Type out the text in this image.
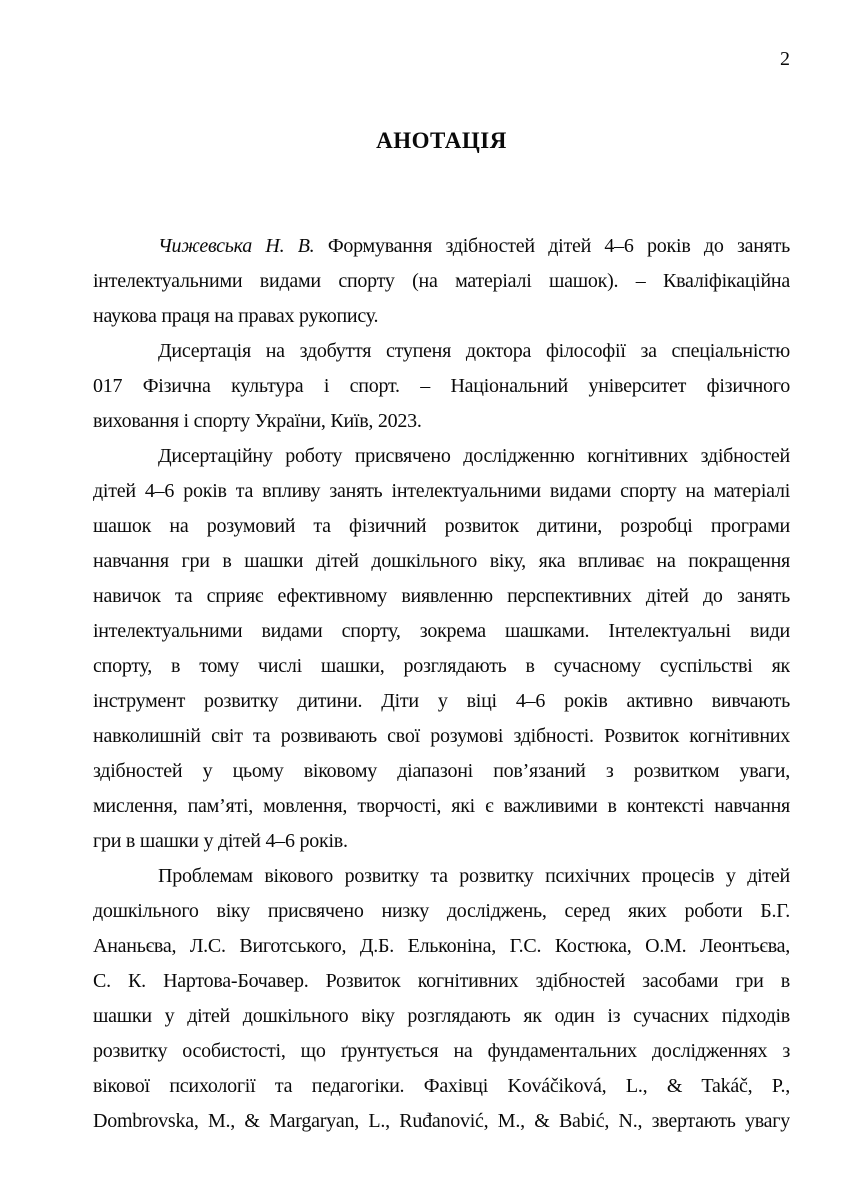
2
АНОТАЦІЯ
Чижевська Н. В. Формування здібностей дітей 4–6 років до занять
інтелектуальними видами спорту (на матеріалі шашок). – Кваліфікаційна
наукова праця на правах рукопису.
Дисертація на здобуття ступеня доктора філософії за спеціальністю
017 Фізична культура і спорт. – Національний університет фізичного
виховання і спорту України, Київ, 2023.
Дисертаційну роботу присвячено дослідженню когнітивних здібностей
дітей 4–6 років та впливу занять інтелектуальними видами спорту на матеріалі
шашок на розумовий та фізичний розвиток дитини, розробці програми
навчання гри в шашки дітей дошкільного віку, яка впливає на покращення
навичок та сприяє ефективному виявленню перспективних дітей до занять
інтелектуальними видами спорту, зокрема шашками. Інтелектуальні види
спорту, в тому числі шашки, розглядають в сучасному суспільстві як
інструмент розвитку дитини. Діти у віці 4–6 років активно вивчають
навколишній світ та розвивають свої розумові здібності. Розвиток когнітивних
здібностей у цьому віковому діапазоні пов’язаний з розвитком уваги,
мислення, пам’яті, мовлення, творчості, які є важливими в контексті навчання
гри в шашки у дітей 4–6 років.
Проблемам вікового розвитку та розвитку психічних процесів у дітей
дошкільного віку присвячено низку досліджень, серед яких роботи Б.Г.
Ананьєва, Л.С. Виготського, Д.Б. Ельконіна, Г.С. Костюка, О.М. Леонтьєва,
С. К. Нартова-Бочавер. Розвиток когнітивних здібностей засобами гри в
шашки у дітей дошкільного віку розглядають як один із сучасних підходів
розвитку особистості, що ґрунтується на фундаментальних дослідженнях з
вікової психології та педагогіки. Фахівці Kováčiková, L., & Takáč, P.,
Dombrovska, M., & Margaryan, L., Ruđanović, M., & Babić, N., звертають увагу
